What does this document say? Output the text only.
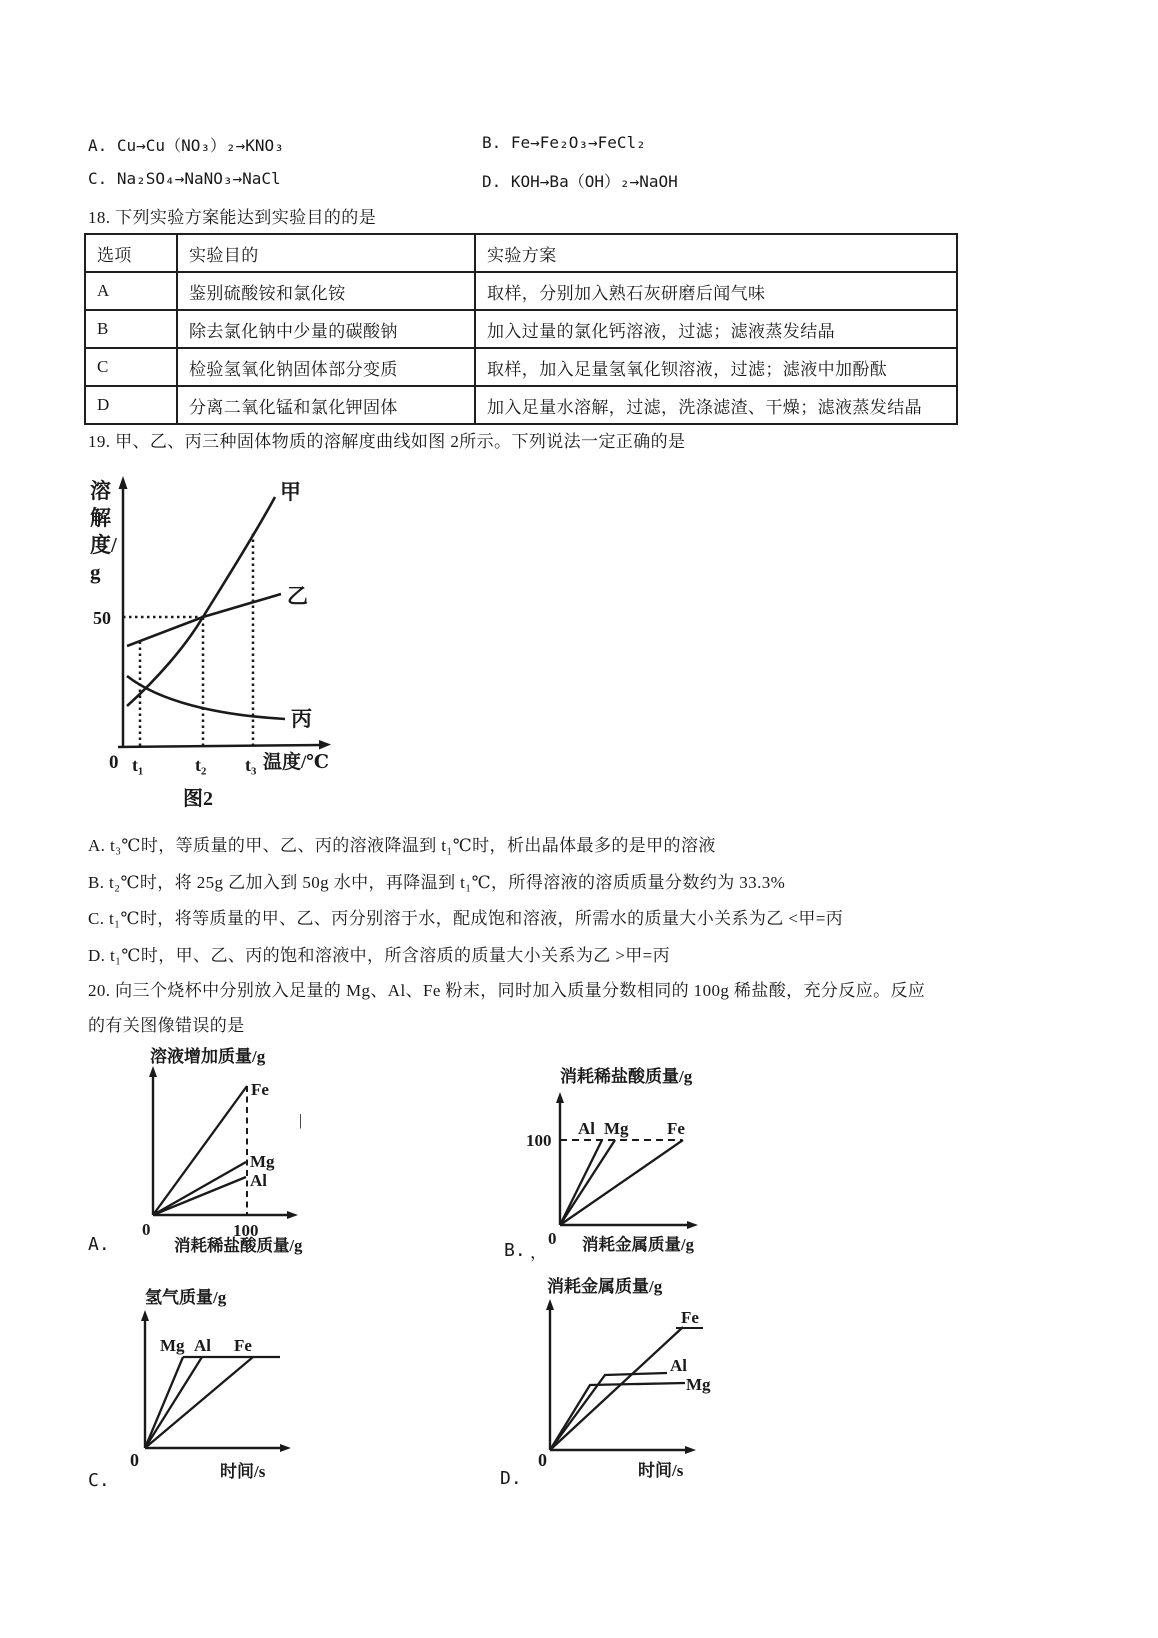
A. Cu→Cu（NO₃）₂→KNO₃	B. Fe→Fe₂O₃→FeCl₂
C. Na₂SO₄→NaNO₃→NaCl	D. KOH→Ba（OH）₂→NaOH
18. 下列实验方案能达到实验目的的是
选项	实验目的	实验方案
A	鉴别硫酸铵和氯化铵	取样，分别加入熟石灰研磨后闻气味
B	除去氯化钠中少量的碳酸钠	加入过量的氯化钙溶液，过滤；滤液蒸发结晶
C	检验氢氧化钠固体部分变质	取样，加入足量氢氧化钡溶液，过滤；滤液中加酚酞
D	分离二氧化锰和氯化钾固体	加入足量水溶解，过滤，洗涤滤渣、干燥；滤液蒸发结晶
19. 甲、乙、丙三种固体物质的溶解度曲线如图 2所示。下列说法一定正确的是
50
0 t₁	t₂ t₃ 温度/℃
甲
乙
丙
图2
溶解度/g
A. t₃℃时，等质量的甲、乙、丙的溶液降温到 t₁℃时，析出晶体最多的是甲的溶液
B. t₂℃时，将 25g 乙加入到 50g 水中，再降温到 t₁℃，所得溶液的溶质质量分数约为 33.3%
C. t₁℃时，将等质量的甲、乙、丙分别溶于水，配成饱和溶液，所需水的质量大小关系为乙 <甲=丙
D. t₁℃时，甲、乙、丙的饱和溶液中，所含溶质的质量大小关系为乙 >甲=丙
20. 向三个烧杯中分别放入足量的 Mg、Al、Fe 粉末，同时加入质量分数相同的 100g 稀盐酸，充分反应。反应
的有关图像错误的是
溶液增加质量/g
Fe
Mg
Al
0	100
消耗稀盐酸质量/g
消耗稀盐酸质量/g
Al Mg Fe
100
0 消耗金属质量/g
氢气质量/g
Mg Al Fe
0
时间/s
消耗金属质量/g
Fe
Al
Mg
0
时间/s
A.	B.
C.	D.
|
，
